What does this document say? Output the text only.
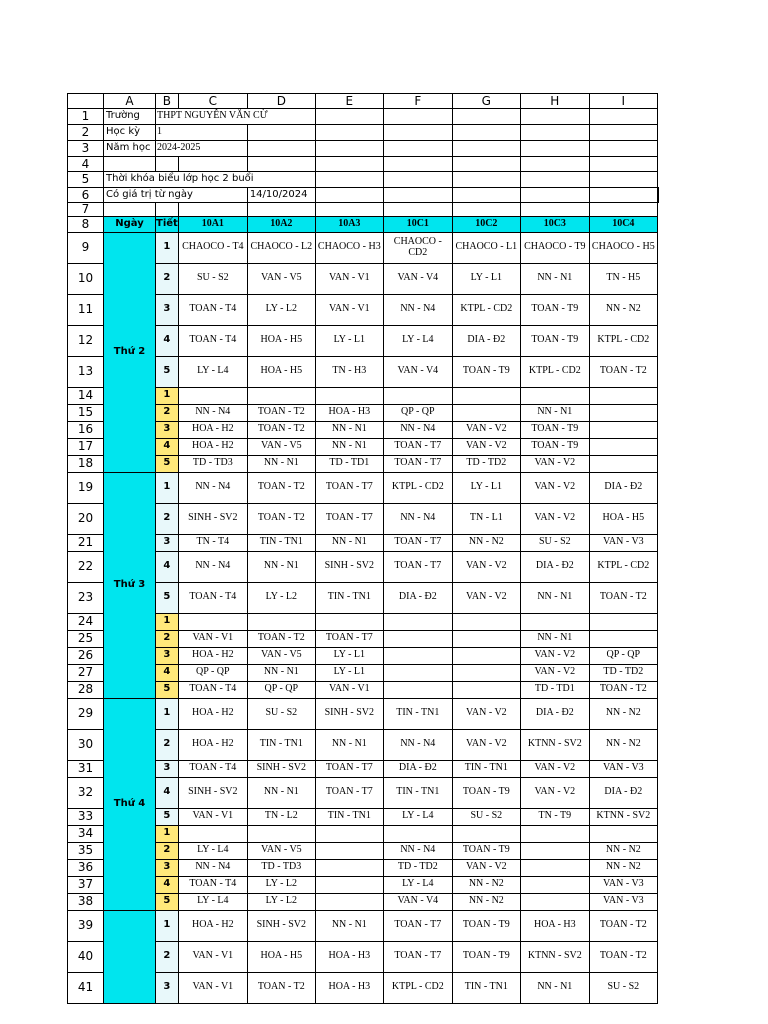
	A	B	C	D	E	F	G	H	I	
1	Trường	THPT NGUYỄN VĂN CỪ								
2	Học kỳ	1								
3	Năm học	2024-2025								
4										
5	Thời khóa biểu lớp học 2 buổi									
6	Có giá trị từ ngày			14/10/2024						
7										
8	Ngày	Tiết	10A1	10A2	10A3	10C1	10C2	10C3	10C4	
9	Thứ 2	1	CHAOCO - T4	CHAOCO - L2	CHAOCO - H3	CHAOCO - CD2	CHAOCO - L1	CHAOCO - T9	CHAOCO - H5	
10		2	SU - S2	VAN - V5	VAN - V1	VAN - V4	LY - L1	NN - N1	TN - H5	
11		3	TOAN - T4	LY - L2	VAN - V1	NN - N4	KTPL - CD2	TOAN - T9	NN - N2	
12		4	TOAN - T4	HOA - H5	LY - L1	LY - L4	DIA - Đ2	TOAN - T9	KTPL - CD2	
13		5	LY - L4	HOA - H5	TN - H3	VAN - V4	TOAN - T9	KTPL - CD2	TOAN - T2	
14		1								
15		2	NN - N4	TOAN - T2	HOA - H3	QP - QP		NN - N1		
16		3	HOA - H2	TOAN - T2	NN - N1	NN - N4	VAN - V2	TOAN - T9		
17		4	HOA - H2	VAN - V5	NN - N1	TOAN - T7	VAN - V2	TOAN - T9		
18		5	TD - TD3	NN - N1	TD - TD1	TOAN - T7	TD - TD2	VAN - V2		
19	Thứ 3	1	NN - N4	TOAN - T2	TOAN - T7	KTPL - CD2	LY - L1	VAN - V2	DIA - Đ2	
20		2	SINH - SV2	TOAN - T2	TOAN - T7	NN - N4	TN - L1	VAN - V2	HOA - H5	
21		3	TN - T4	TIN - TN1	NN - N1	TOAN - T7	NN - N2	SU - S2	VAN - V3	
22		4	NN - N4	NN - N1	SINH - SV2	TOAN - T7	VAN - V2	DIA - Đ2	KTPL - CD2	
23		5	TOAN - T4	LY - L2	TIN - TN1	DIA - Đ2	VAN - V2	NN - N1	TOAN - T2	
24		1								
25		2	VAN - V1	TOAN - T2	TOAN - T7			NN - N1		
26		3	HOA - H2	VAN - V5	LY - L1			VAN - V2	QP - QP	
27		4	QP - QP	NN - N1	LY - L1			VAN - V2	TD - TD2	
28		5	TOAN - T4	QP - QP	VAN - V1			TD - TD1	TOAN - T2	
29	Thứ 4	1	HOA - H2	SU - S2	SINH - SV2	TIN - TN1	VAN - V2	DIA - Đ2	NN - N2	
30		2	HOA - H2	TIN - TN1	NN - N1	NN - N4	VAN - V2	KTNN - SV2	NN - N2	
31		3	TOAN - T4	SINH - SV2	TOAN - T7	DIA - Đ2	TIN - TN1	VAN - V2	VAN - V3	
32		4	SINH - SV2	NN - N1	TOAN - T7	TIN - TN1	TOAN - T9	VAN - V2	DIA - Đ2	
33		5	VAN - V1	TN - L2	TIN - TN1	LY - L4	SU - S2	TN - T9	KTNN - SV2	
34		1								
35		2	LY - L4	VAN - V5		NN - N4	TOAN - T9		NN - N2	
36		3	NN - N4	TD - TD3		TD - TD2	VAN - V2		NN - N2	
37		4	TOAN - T4	LY - L2		LY - L4	NN - N2		VAN - V3	
38		5	LY - L4	LY - L2		VAN - V4	NN - N2		VAN - V3	
39		1	HOA - H2	SINH - SV2	NN - N1	TOAN - T7	TOAN - T9	HOA - H3	TOAN - T2	
40		2	VAN - V1	HOA - H5	HOA - H3	TOAN - T7	TOAN - T9	KTNN - SV2	TOAN - T2	
41		3	VAN - V1	TOAN - T2	HOA - H3	KTPL - CD2	TIN - TN1	NN - N1	SU - S2	
